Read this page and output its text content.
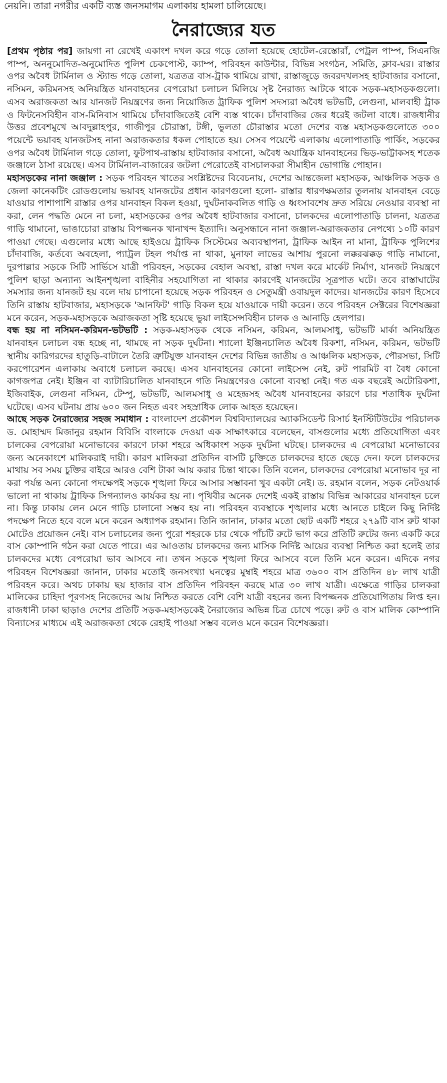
নেয়নি। তারা নগরীর একটি ব্যস্ত জনসমাগম এলাকায় হামলা চালিয়েছে।
নৈরাজ্যের যত

[প্রথম পৃষ্ঠার পর] জায়গা না রেখেই একাংশ দখল করে গড়ে তোলা হয়েছে হোটেল-রেস্তোরাঁ, পেট্রল পাম্প, সিএনজি পাম্প, অননুমোদিত-অনুমোদিত পুলিশ চেকপোস্ট, ক্যাম্প, পরিবহন কাউন্টার, বিভিন্ন সংগঠন, সমিতি, ক্লাব-ঘর। রাস্তার ওপর অবৈধ টার্মিনাল ও স্ট্যান্ড গড়ে তোলা, যত্রতত্র বাস-ট্রাক থামিয়ে রাখা, রাস্তাজুড়ে জবরদখলসহ হাটবাজার বসানো, নসিমন, করিমনসহ অনিয়ন্ত্রিত যানবাহনের বেপরোয়া চলাচল মিলিয়ে সৃষ্ট নৈরাজ্য আটকে থাকে সড়ক-মহাসড়কগুলো। এসব অরাজকতা আর যানজট নিয়ন্ত্রণের জন্য নিয়োজিত ট্রাফিক পুলিশ সদস্যরা অবৈধ ভটভটি, লেগুনা, মালবাহী ট্রাক ও ফিটনেসবিহীন বাস-মিনিবাস থামিয়ে চাঁদাবাজিতেই বেশি ব্যস্ত থাকে। চাঁদাবাজির জের ধরেই জটলা বাধে। রাজধানীর উত্তর প্রবেশমুখে আবদুল্লাহপুর, গাজীপুর চৌরাস্তা, টঙ্গী, ভুলতা চৌরাস্তার মতো দেশের ব্যস্ত মহাসড়কগুলোতে ৩০০ পয়েন্টে ভয়াবহ যানজটসহ নানা অরাজকতার ধকল পোহাতে হয়। সেসব পয়েন্টে এলাকায় এলোপাতাড়ি পার্কিং, সড়কের ওপর অবৈধ টার্মিনাল গড়ে তোলা, ফুটপাথ-রাস্তায় হাটবাজার বসানো, অবৈধ অযান্ত্রিক যানবাহনের ভিড়-ভাট্টাকসহ শতেক জঞ্জালে ঠাসা রয়েছে। এসব টার্মিনাল-বাজারের জটলা পেরোতেই বাসচালকরা সীমাহীন ভোগান্তি পোহান।

মহাসড়কের নানা জঞ্জাল : সড়ক পরিবহন খাতের সংশ্লিষ্টদের বিবেচনায়, দেশের আন্তজেলা মহাসড়ক, আঞ্চলিক সড়ক ও জেলা কানেকটিং রোডগুলোয় ভয়াবহ যানজটের প্রধান কারণগুলো হলো- রাস্তার ধারণক্ষমতার তুলনায় যানবাহন বেড়ে যাওয়ার পাশাপাশি রাস্তার ওপর যানবাহন বিকল হওয়া, দুর্ঘটনাকবলিত গাড়ি ও ধ্বংসাবশেষ দ্রুত সরিয়ে নেওয়ার ব্যবস্থা না করা, লেন পদ্ধতি মেনে না চলা, মহাসড়কের ওপর অবৈধ হাটবাজার বসানো, চালকদের এলোপাতাড়ি চালনা, যত্রতত্র গাড়ি থামানো, ভাঙাচোরা রাস্তায় বিপজ্জনক খানাখন্দ ইত্যাদি। অনুসন্ধানে নানা জঞ্জাল-অরাজকতার নেপথ্যে ১০টি কারণ পাওয়া গেছে। এগুলোর মধ্যে আছে হাইওয়ে ট্রাফিক সিস্টেমের অব্যবস্থাপনা, ট্রাফিক আইন না মানা, ট্রাফিক পুলিশের চাঁদাবাজি, কর্তব্যে অবহেলা, প্যাট্রল টহল পর্যাপ্ত না থাকা, মুনাফা লাভের আশায় পুরনো লক্করঝক্কড় গাড়ি নামানো, দুরপাল্লার সড়কে সিটি সার্ভিসে যাত্রী পরিবহন, সড়কের বেহাল অবস্থা, রাস্তা দখল করে মার্কেট নির্মাণ, যানজট নিয়ন্ত্রণে পুলিশ ছাড়া অন্যান্য আইনশৃঙ্খলা বাহিনীর সহযোগিতা না থাকার কারণেই যানজটের সূত্রপাত ঘটে। তবে রাস্তাঘাটের সমস্যার জন্য যানজট হয় বলে দায় চাপানো হয়েছে সড়ক পরিবহন ও সেতুমন্ত্রী ওবায়দুল কাদের। যানজটের কারণ হিসেবে তিনি রাস্তায় হাটবাজার, মহাসড়কে 'আনফিট' গাড়ি বিকল হয়ে যাওয়াকে দায়ী করেন। তবে পরিবহন সেক্টরের বিশেষজ্ঞরা মনে করেন, সড়ক-মহাসড়কে অরাজকতা সৃষ্টি হয়েছে ভুয়া লাইসেন্সবিহীন চালক ও আনাড়ি হেলপার।

বন্ধ হয় না নসিমন-করিমন-ভটভটি : সড়ক-মহাসড়ক থেকে নসিমন, করিমন, আলমসাধু, ভটভটি মার্কা অনিয়ন্ত্রিত যানবাহন চলাচল বন্ধ হচ্ছে না, থামছে না সড়ক দুর্ঘটনা। শ্যালো ইঞ্জিনচালিত অবৈধ রিকশা, নসিমন, করিমন, ভটভটি স্থানীয় কারিগরদের হাতুড়ি-বাটালে তৈরি ত্রুটিযুক্ত যানবাহন দেশের বিভিন্ন জাতীয় ও আঞ্চলিক মহাসড়ক, পৌরসভা, সিটি করপোরেশন এলাকায় অবাধে চলাচল করছে। এসব যানবাহনের কোনো লাইসেন্স নেই, রুট পারমিট বা বৈধ কোনো কাগজপত্র নেই। ইঞ্জিন বা ব্যাটারিচালিত যানবাহনে গতি নিয়ন্ত্রণেরও কোনো ব্যবস্থা নেই। গত এক বছরেই অটোরিকশা, ইজিবাইক, লেগুনা নসিমন, টেম্পু, ভটভটি, আলমসাধু ও মহেন্দ্রসহ অবৈধ যানবাহনের কারণে চার শতাধিক দুর্ঘটনা ঘটেছে। এসব ঘটনায় প্রায় ৬০০ জন নিহত এবং সহস্রাধিক লোক আহত হয়েছেন।

আছে সড়ক নৈরাজ্যের সহজ সমাধান : বাংলাদেশ প্রকৌশল বিশ্ববিদ্যালয়ের অ্যাকসিডেন্ট রিসার্চ ইনস্টিটিউটের পরিচালক ড. মোহাম্মদ মিজানুর রহমান বিবিসি বাংলাকে দেওয়া এক সাক্ষাৎকারে বলেছেন, বাসগুলোর মধ্যে প্রতিযোগিতা এবং চালকের বেপরোয়া মনোভাবের কারণে ঢাকা শহরে অধিকাংশ সড়ক দুর্ঘটনা ঘটছে। চালকদের এ বেপরোয়া মনোভাবের জন্য অনেকাংশে মালিকরাই দায়ী। কারণ মালিকরা প্রতিদিন বাসটি চুক্তিতে চালকদের হাতে ছেড়ে দেন। ফলে চালকদের মাথায় সব সময় চুক্তির বাইরে আরও বেশি টাকা আয় করার চিন্তা থাকে। তিনি বলেন, চালকদের বেপরোয়া মনোভাব দূর না করা পর্যন্ত অন্য কোনো পদক্ষেপই সড়কে শৃঙ্খলা ফিরে আসার সম্ভাবনা খুব একটা নেই। ড. রহমান বলেন, সড়ক নেটওয়ার্ক ভালো না থাকায় ট্রাফিক সিগন্যালও কার্যকর হয় না। পৃথিবীর অনেক দেশেই একই রাস্তায় বিভিন্ন আকারের যানবাহন চলে না। কিন্তু ঢাকায় লেন মেনে গাড়ি চালানো সম্ভব হয় না। পরিবহন ব্যবস্থাকে শৃঙ্খলার মধ্যে আনতে চাইলে কিছু নির্দিষ্ট পদক্ষেপ নিতে হবে বলে মনে করেন অধ্যাপক রহমান। তিনি জানান, ঢাকার মতো ছোট একটি শহরে ২৭৯টি বাস রুট থাকা মোটেও প্রয়োজন নেই। বাস চলাচলের জন্য পুরো শহরকে চার থেকে পাঁচটি রুটে ভাগ করে প্রতিটি রুটের জন্য একটি করে বাস কোম্পানি গঠন করা যেতে পারে। এর আওতায় চালকদের জন্য মাসিক নির্দিষ্ট আয়ের ব্যবস্থা নিশ্চিত করা হলেই তার চালকদের মধ্যে বেপরোয়া ভাব আসবে না। তখন সড়কে শৃঙ্খলা ফিরে আসবে বলে তিনি মনে করেন। এদিকে নগর পরিবহন বিশেষজ্ঞরা জানান, ঢাকার মতোই জনসংখ্যা ঘনত্বের মুম্বাই শহরে মাত্র ৩৬০০ বাস প্রতিদিন ৪৮ লাখ যাত্রী পরিবহন করে। অথচ ঢাকায় ছয় হাজার বাস প্রতিদিন পরিবহন করছে মাত্র ৩০ লাখ যাত্রী। এক্ষেত্রে গাড়ির চালকরা মালিকের চাহিদা পূরণসহ নিজেদের আয় নিশ্চিত করতে বেশি বেশি যাত্রী বহনের জন্য বিপজ্জনক প্রতিযোগিতায় লিপ্ত হন। রাজধানী ঢাকা ছাড়াও দেশের প্রতিটি সড়ক-মহাসড়কেই নৈরাজ্যের অভিন্ন চিত্র চোখে পড়ে। রুট ও বাস মালিক কোম্পানি বিন্যাসের মাধ্যমে এই অরাজকতা থেকে রেহাই পাওয়া সম্ভব বলেও মনে করেন বিশেষজ্ঞরা।
